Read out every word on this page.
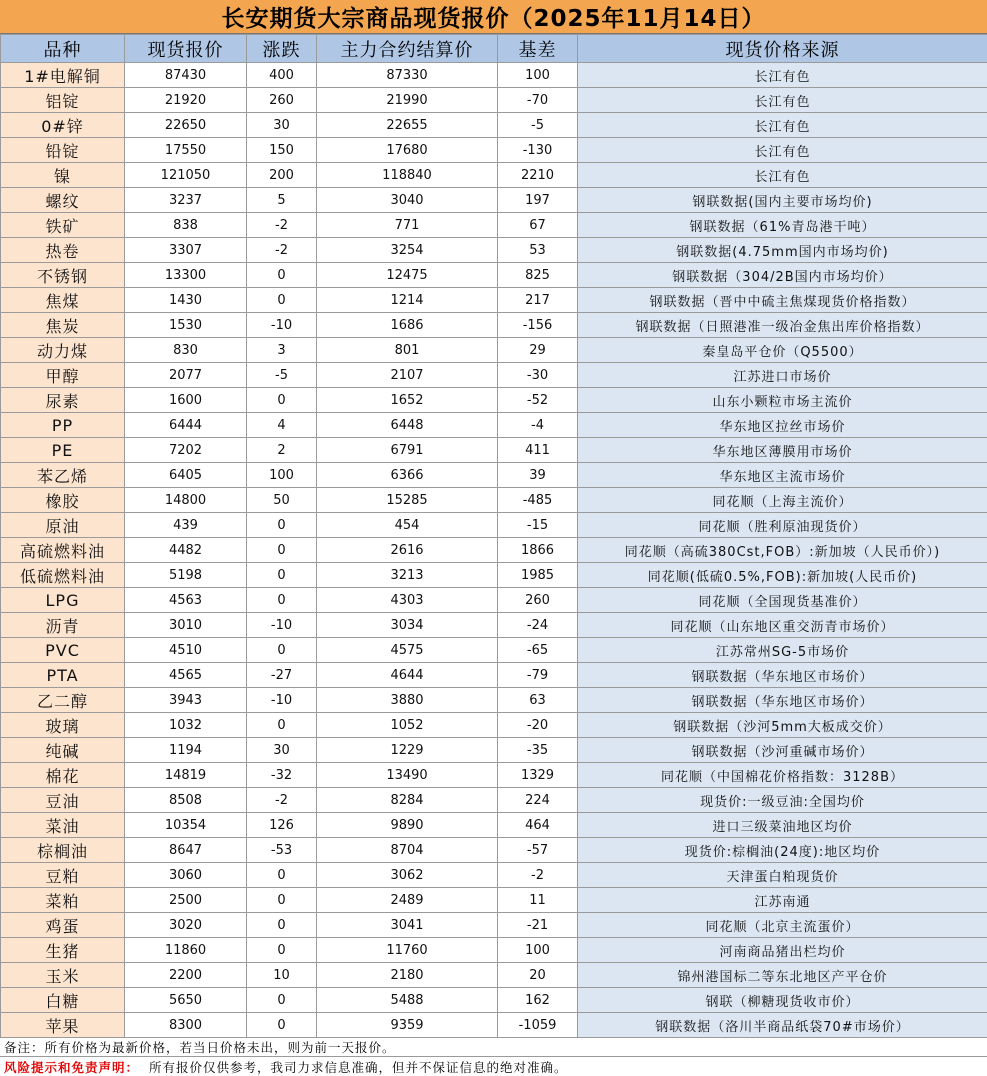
长安期货大宗商品现货报价（2025年11月14日）
品种	现货报价	涨跌	主力合约结算价	基差	现货价格来源
1#电解铜	87430	400	87330	100	长江有色
铝锭	21920	260	21990	-70	长江有色
0#锌	22650	30	22655	-5	长江有色
铅锭	17550	150	17680	-130	长江有色
镍	121050	200	118840	2210	长江有色
螺纹	3237	5	3040	197	钢联数据(国内主要市场均价)
铁矿	838	-2	771	67	钢联数据（61%青岛港干吨）
热卷	3307	-2	3254	53	钢联数据(4.75mm国内市场均价)
不锈钢	13300	0	12475	825	钢联数据（304/2B国内市场均价）
焦煤	1430	0	1214	217	钢联数据（晋中中硫主焦煤现货价格指数）
焦炭	1530	-10	1686	-156	钢联数据（日照港准一级冶金焦出库价格指数）
动力煤	830	3	801	29	秦皇岛平仓价（Q5500）
甲醇	2077	-5	2107	-30	江苏进口市场价
尿素	1600	0	1652	-52	山东小颗粒市场主流价
PP	6444	4	6448	-4	华东地区拉丝市场价
PE	7202	2	6791	411	华东地区薄膜用市场价
苯乙烯	6405	100	6366	39	华东地区主流市场价
橡胶	14800	50	15285	-485	同花顺（上海主流价）
原油	439	0	454	-15	同花顺（胜利原油现货价）
高硫燃料油	4482	0	2616	1866	同花顺（高硫380Cst,FOB）:新加坡（人民币价）)
低硫燃料油	5198	0	3213	1985	同花顺(低硫0.5%,FOB):新加坡(人民币价)
LPG	4563	0	4303	260	同花顺（全国现货基准价）
沥青	3010	-10	3034	-24	同花顺（山东地区重交沥青市场价）
PVC	4510	0	4575	-65	江苏常州SG-5市场价
PTA	4565	-27	4644	-79	钢联数据（华东地区市场价）
乙二醇	3943	-10	3880	63	钢联数据（华东地区市场价）
玻璃	1032	0	1052	-20	钢联数据（沙河5mm大板成交价）
纯碱	1194	30	1229	-35	钢联数据（沙河重碱市场价）
棉花	14819	-32	13490	1329	同花顺（中国棉花价格指数：3128B）
豆油	8508	-2	8284	224	现货价:一级豆油:全国均价
菜油	10354	126	9890	464	进口三级菜油地区均价
棕榈油	8647	-53	8704	-57	现货价:棕榈油(24度):地区均价
豆粕	3060	0	3062	-2	天津蛋白粕现货价
菜粕	2500	0	2489	11	江苏南通
鸡蛋	3020	0	3041	-21	同花顺（北京主流蛋价）
生猪	11860	0	11760	100	河南商品猪出栏均价
玉米	2200	10	2180	20	锦州港国标二等东北地区产平仓价
白糖	5650	0	5488	162	钢联（柳糖现货收市价）
苹果	8300	0	9359	-1059	钢联数据（洛川半商品纸袋70#市场价）
备注：所有价格为最新价格，若当日价格未出，则为前一天报价。
风险提示和免责声明： 所有报价仅供参考，我司力求信息准确，但并不保证信息的绝对准确。
